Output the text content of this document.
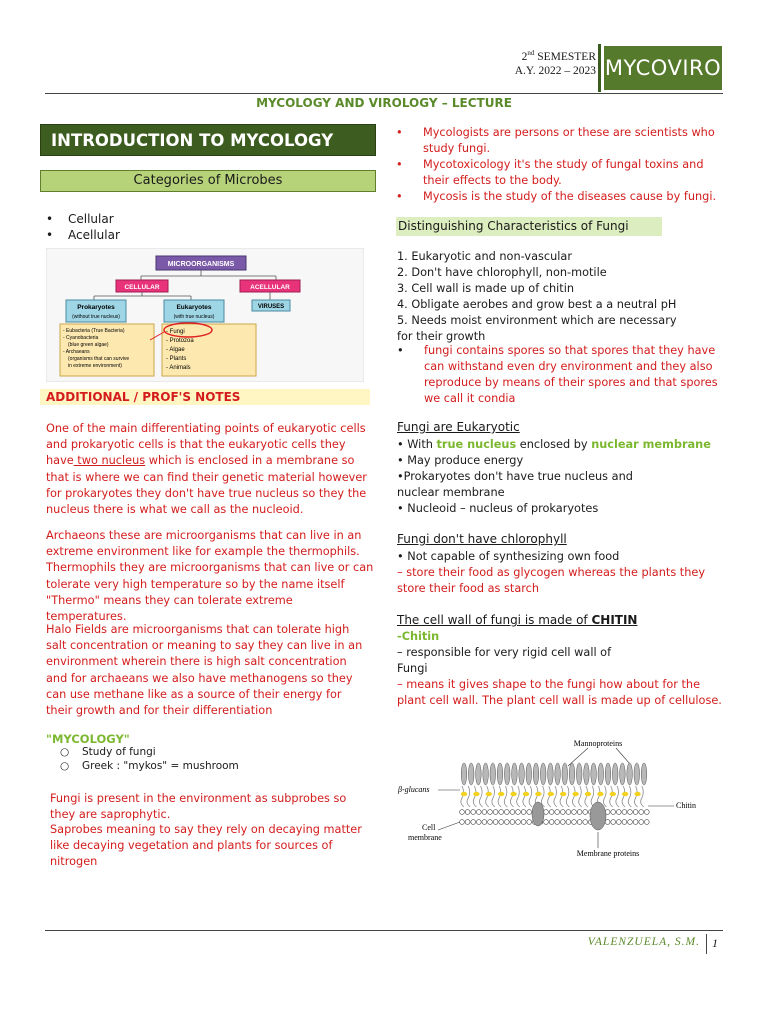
2nd SEMESTER
A.Y. 2022 – 2023 MYCOVIRO
MYCOLOGY AND VIROLOGY – LECTURE
INTRODUCTION TO MYCOLOGY
Categories of Microbes
• Cellular
• Acellular
MICROORGANISMS
CELLULAR	ACELLULAR
Prokaryotes
(without true nucleus)
Eukaryotes
(with true nucleus)
VIRUSES
- Eubacteria (True Bacteria) - Cyanobacteria (blue green algae) - Archaeans (organisms that can survive in extreme environment)
- Fungi - Protozoa - Algae - Plants - Animals
ADDITIONAL / PROF'S NOTES
One of the main differentiating points of eukaryotic cells and prokaryotic cells is that the eukaryotic cells they have two nucleus which is enclosed in a membrane so that is where we can find their genetic material however for prokaryotes they don't have true nucleus so they the nucleus there is what we call as the nucleoid.
Archaeons these are microorganisms that can live in an extreme environment like for example the thermophils. Thermophils they are microorganisms that can live or can tolerate very high temperature so by the name itself "Thermo" means they can tolerate extreme temperatures.
Halo Fields are microorganisms that can tolerate high salt concentration or meaning to say they can live in an environment wherein there is high salt concentration and for archaeans we also have methanogens so they can use methane like as a source of their energy for their growth and for their differentiation
"MYCOLOGY"
○ Study of fungi
○ Greek : "mykos" = mushroom
Fungi is present in the environment as subprobes so they are saprophytic.
Saprobes meaning to say they rely on decaying matter like decaying vegetation and plants for sources of nitrogen
• Mycologists are persons or these are scientists who study fungi.
• Mycotoxicology it's the study of fungal toxins and their effects to the body.
• Mycosis is the study of the diseases cause by fungi.
Distinguishing Characteristics of Fungi
1. Eukaryotic and non-vascular
2. Don't have chlorophyll, non-motile
3. Cell wall is made up of chitin
4. Obligate aerobes and grow best a a neutral pH
5. Needs moist environment which are necessary
for their growth
• fungi contains spores so that spores that they have can withstand even dry environment and they also reproduce by means of their spores and that spores we call it condia
Fungi are Eukaryotic
• With true nucleus enclosed by nuclear membrane
• May produce energy
•Prokaryotes don't have true nucleus and
nuclear membrane
• Nucleoid – nucleus of prokaryotes
Fungi don't have chlorophyll
• Not capable of synthesizing own food
– store their food as glycogen whereas the plants they store their food as starch
The cell wall of fungi is made of CHITIN
-Chitin
– responsible for very rigid cell wall of
Fungi
– means it gives shape to the fungi how about for the plant cell wall. The plant cell wall is made up of cellulose.
Mannoproteins
β-glucans
Chitin
Cell
membrane
Membrane proteins
VALENZUELA, S.M. 1
